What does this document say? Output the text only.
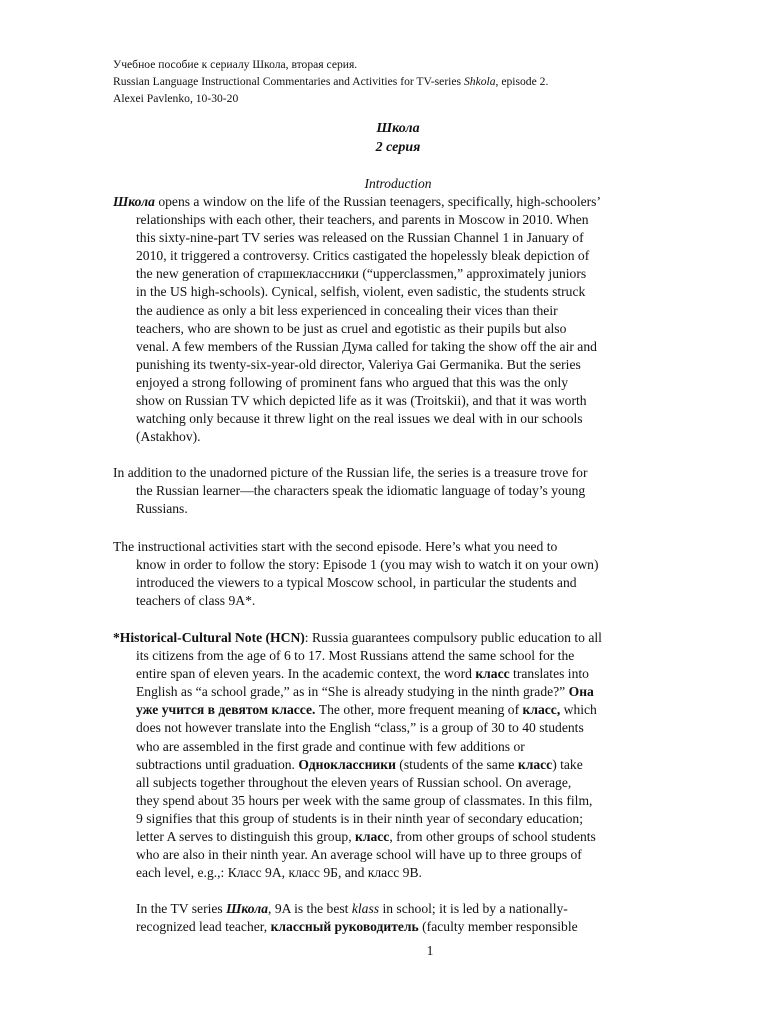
Учебное пособие к сериалу Школа, вторая серия.
Russian Language Instructional Commentaries and Activities for TV-series Shkola, episode 2.
Alexei Pavlenko, 10-30-20
Школа
2 серия
Introduction
Школа opens a window on the life of the Russian teenagers, specifically, high-schoolers’
relationships with each other, their teachers, and parents in Moscow in 2010. When
this sixty-nine-part TV series was released on the Russian Channel 1 in January of
2010, it triggered a controversy. Critics castigated the hopelessly bleak depiction of
the new generation of старшеклассники (“upperclassmen,” approximately juniors
in the US high-schools). Cynical, selfish, violent, even sadistic, the students struck
the audience as only a bit less experienced in concealing their vices than their
teachers, who are shown to be just as cruel and egotistic as their pupils but also
venal. A few members of the Russian Дума called for taking the show off the air and
punishing its twenty-six-year-old director, Valeriya Gai Germanika. But the series
enjoyed a strong following of prominent fans who argued that this was the only
show on Russian TV which depicted life as it was (Troitskii), and that it was worth
watching only because it threw light on the real issues we deal with in our schools
(Astakhov).
In addition to the unadorned picture of the Russian life, the series is a treasure trove for
the Russian learner—the characters speak the idiomatic language of today’s young
Russians.
The instructional activities start with the second episode. Here’s what you need to
know in order to follow the story: Episode 1 (you may wish to watch it on your own)
introduced the viewers to a typical Moscow school, in particular the students and
teachers of class 9A*.
*Historical-Cultural Note (HCN): Russia guarantees compulsory public education to all
its citizens from the age of 6 to 17. Most Russians attend the same school for the
entire span of eleven years. In the academic context, the word класс translates into
English as “a school grade,” as in “She is already studying in the ninth grade?” Она
уже учится в девятом классе. The other, more frequent meaning of класс, which
does not however translate into the English “class,” is a group of 30 to 40 students
who are assembled in the first grade and continue with few additions or
subtractions until graduation. Одноклассники (students of the same класс) take
all subjects together throughout the eleven years of Russian school. On average,
they spend about 35 hours per week with the same group of classmates. In this film,
9 signifies that this group of students is in their ninth year of secondary education;
letter A serves to distinguish this group, класс, from other groups of school students
who are also in their ninth year. An average school will have up to three groups of
each level, e.g.,: Класс 9А, класс 9Б, and класс 9В.
In the TV series Школа, 9A is the best klass in school; it is led by a nationally-
recognized lead teacher, классный руководитель (faculty member responsible
1
